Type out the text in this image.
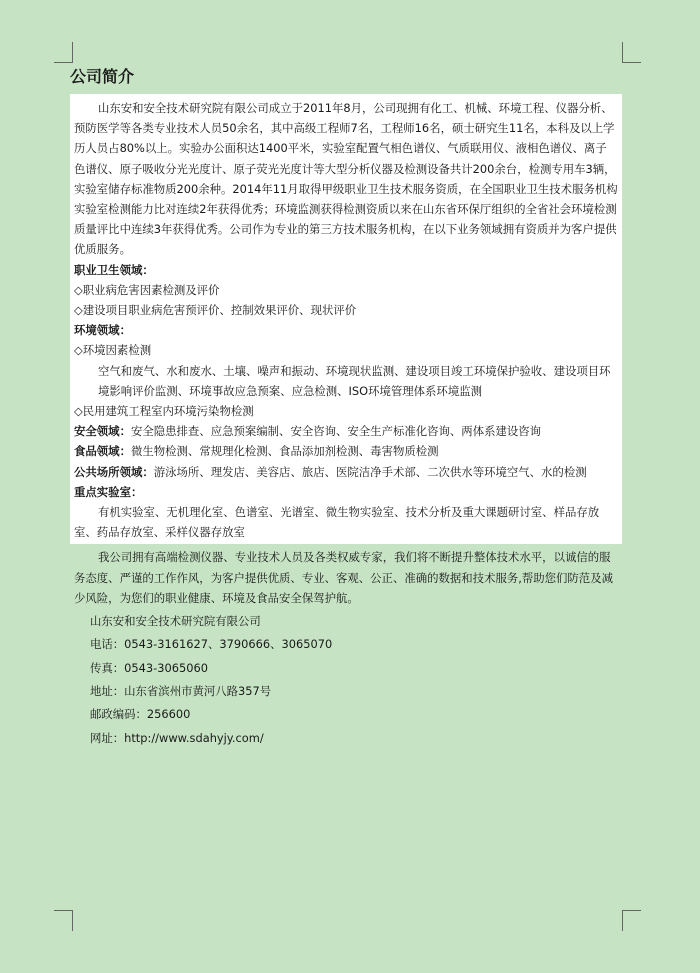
公司简介

山东安和安全技术研究院有限公司成立于2011年8月，公司现拥有化工、机械、环境工程、仪器分析、预防医学等各类专业技术人员50余名，其中高级工程师7名，工程师16名，硕士研究生11名，本科及以上学历人员占80%以上。实验办公面积达1400平米，实验室配置气相色谱仪、气质联用仪、液相色谱仪、离子色谱仪、原子吸收分光光度计、原子荧光光度计等大型分析仪器及检测设备共计200余台，检测专用车3辆，实验室储存标准物质200余种。2014年11月取得甲级职业卫生技术服务资质，在全国职业卫生技术服务机构实验室检测能力比对连续2年获得优秀；环境监测获得检测资质以来在山东省环保厅组织的全省社会环境检测质量评比中连续3年获得优秀。公司作为专业的第三方技术服务机构，在以下业务领域拥有资质并为客户提供优质服务。

职业卫生领域：

◇职业病危害因素检测及评价

◇建设项目职业病危害预评价、控制效果评价、现状评价

环境领域：

◇环境因素检测

空气和废气、水和废水、土壤、噪声和振动、环境现状监测、建设项目竣工环境保护验收、建设项目环境影响评价监测、环境事故应急预案、应急检测、ISO环境管理体系环境监测

◇民用建筑工程室内环境污染物检测

安全领域：安全隐患排查、应急预案编制、安全咨询、安全生产标准化咨询、两体系建设咨询

食品领域：微生物检测、常规理化检测、食品添加剂检测、毒害物质检测

公共场所领域：游泳场所、理发店、美容店、旅店、医院洁净手术部、二次供水等环境空气、水的检测

重点实验室：

有机实验室、无机理化室、色谱室、光谱室、微生物实验室、技术分析及重大课题研讨室、样品存放室、药品存放室、采样仪器存放室

我公司拥有高端检测仪器、专业技术人员及各类权威专家，我们将不断提升整体技术水平，以诚信的服务态度、严谨的工作作风，为客户提供优质、专业、客观、公正、准确的数据和技术服务,帮助您们防范及减少风险，为您们的职业健康、环境及食品安全保驾护航。

山东安和安全技术研究院有限公司

电话：0543-3161627、3790666、3065070

传真：0543-3065060

地址：山东省滨州市黄河八路357号

邮政编码：256600

网址：http://www.sdahyjy.com/
